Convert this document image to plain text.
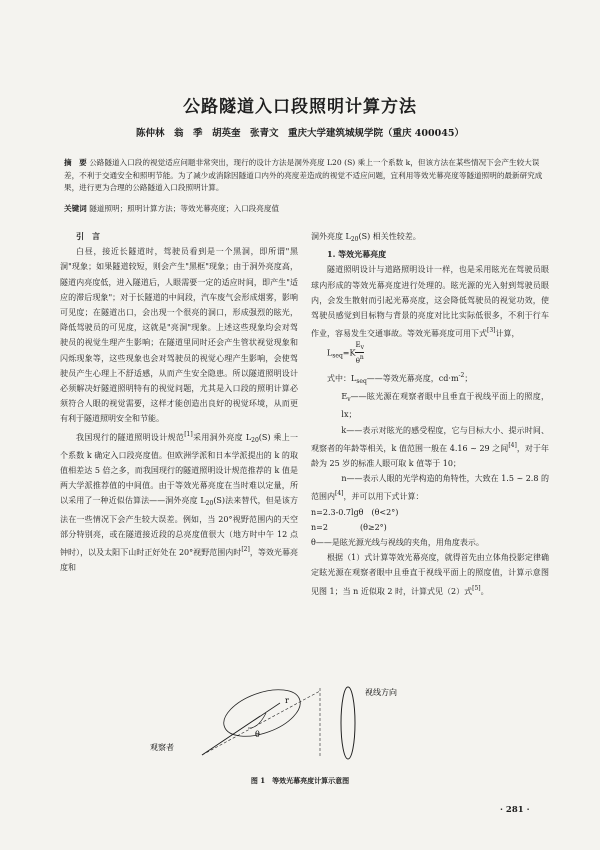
公路隧道入口段照明计算方法
陈仲林　翁　季　胡英奎　张青文　重庆大学建筑城规学院（重庆 400045）
摘　要 公路隧道入口段的视觉适应问题非常突出，现行的设计方法是洞外亮度 L20 (S) 乘上一个系数 k，但该方法在某些情况下会产生较大误差，不利于交通安全和照明节能。为了减少或消除因隧道口内外的亮度差造成的视觉不适应问题，宜利用等效光幕亮度等隧道照明的最新研究成果，进行更为合理的公路隧道入口段照明计算。
关键词 隧道照明；照明计算方法；等效光幕亮度；入口段亮度值

引　言

白昼，接近长隧道时，驾驶员看到是一个黑洞，即所谓"黑洞"现象；如果隧道较短，则会产生"黑框"现象；由于洞外亮度高，隧道内亮度低，进入隧道后，人眼需要一定的适应时间，即产生"适应的滞后现象"；对于长隧道的中间段，汽车废气会形成烟雾，影响可见度；在隧道出口，会出现一个很亮的洞口，形成强烈的眩光，降低驾驶员的可见度，这就是"亮洞"现象。上述这些现象均会对驾驶员的视觉生理产生影响；在隧道里同时还会产生管状视觉现象和闪烁现象等，这些现象也会对驾驶员的视觉心理产生影响，会使驾驶员产生心理上不舒适感，从而产生安全隐患。所以隧道照明设计必须解决好隧道照明特有的视觉问题，尤其是入口段的照明计算必须符合人眼的视觉需要，这样才能创造出良好的视觉环境，从而更有利于隧道照明安全和节能。

我国现行的隧道照明设计规范[1]采用洞外亮度 $L_{20}(S)$ 乘上一个系数 k 确定入口段亮度值。但欧洲学派和日本学派提出的 k 的取值相差达 5 倍之多，而我国现行的隧道照明设计规范推荐的 k 值是两大学派推荐值的中间值。由于等效光幕亮度在当时难以定量，所以采用了一种近似估算法——洞外亮度 $L_{20}(S)$法来替代，但是该方法在一些情况下会产生较大误差。例如，当 20°视野范围内的天空部分特别亮，或在隧道接近段的总亮度值很大（地方时中午 12 点钟时），以及太阳下山时正好处在 20°视野范围内时[2]，等效光幕亮度和

洞外亮度 $L_{20}(S)$ 相关性较差。

1. 等效光幕亮度

隧道照明设计与道路照明设计一样，也是采用眩光在驾驶员眼球内形成的等效光幕亮度进行处理的。眩光源的光入射到驾驶员眼内，会发生散射而引起光幕亮度，这会降低驾驶员的视觉功效，使驾驶员感觉到目标物与背景的亮度对比比实际低很多，不利于行车作业，容易发生交通事故。等效光幕亮度可用下式[3]计算，

$L_{seq}=K \frac{Ev}{\theta n}$

式中：$L_{seq}——$等效光幕亮度，$cd\cdot m^{-2}$；

$E_v——$眩光源在观察者眼中且垂直于视线平面上的照度，lx；

k——表示对眩光的感受程度，它与目标大小、提示时间、观察者的年龄等相关，k 值范围一般在 4.16 ~ 29 之间[4]，对于年龄为 25 岁的标准人眼可取 k 值等于 10；

n——表示人眼的光学构造的角特性，大致在 1.5 ~ 2.8 的范围内[4]，并可以用下式计算：

n=2.3-0.7lgθ　(θ<2°)

n=2　　　　(θ≥2°)

θ——是眩光源光线与视线的夹角，用角度表示。

根据（1）式计算等效光幕亮度，就得首先由立体角投影定律确定眩光源在观察者眼中且垂直于视线平面上的照度值，计算示意图见图 1；当 n 近似取 2 时，计算式见（2）式[5]。

θ
r
视线方向
观察者
图 1　等效光幕亮度计算示意图
· 281 ·
